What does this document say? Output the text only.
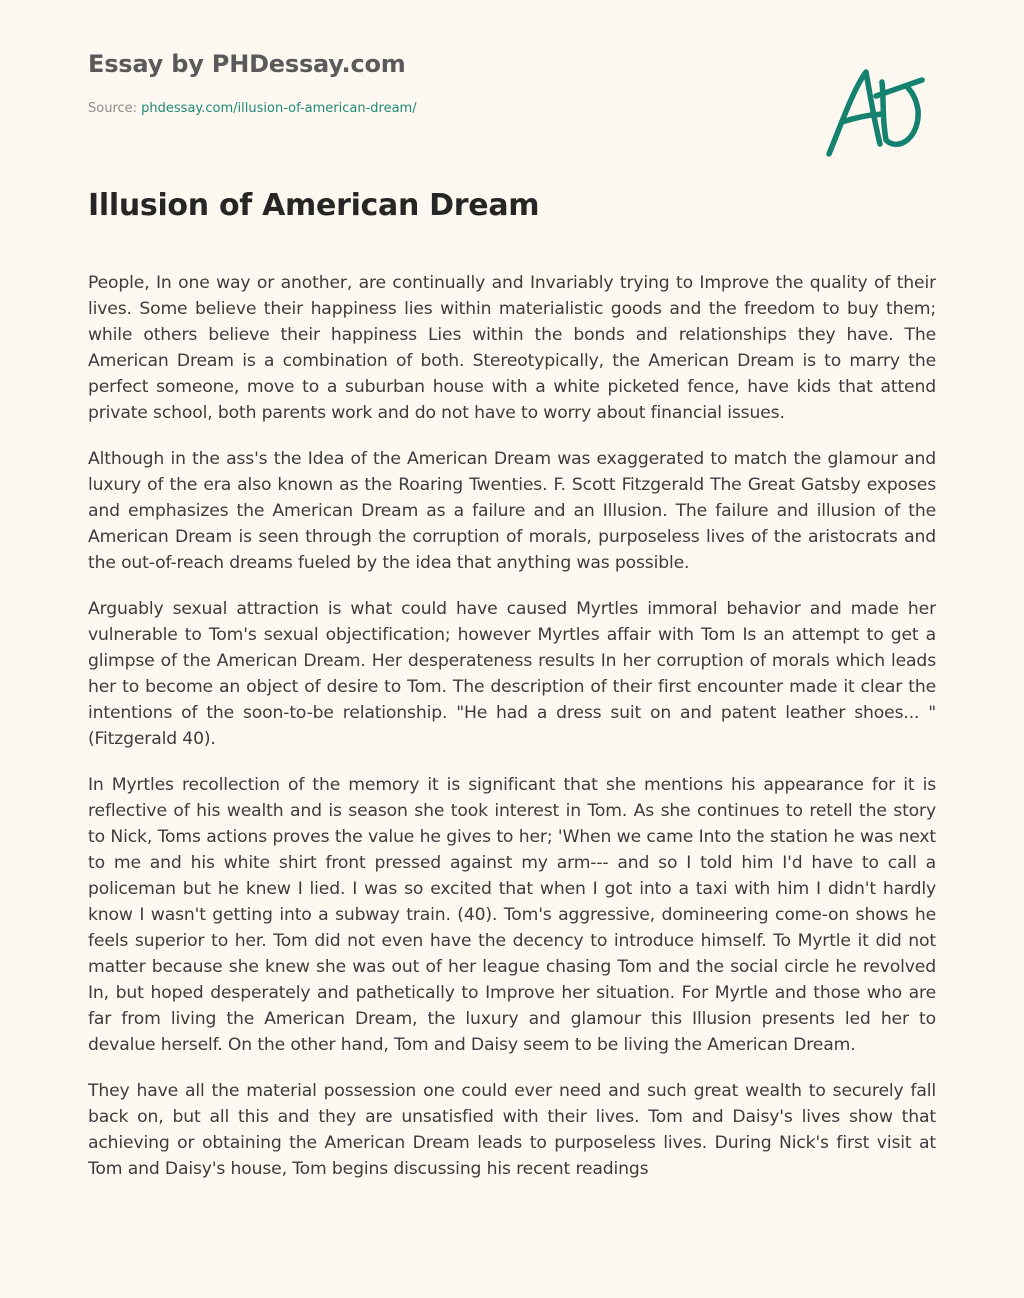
Essay by PHDessay.com
Source: phdessay.com/illusion-of-american-dream/
Illusion of American Dream

People, In one way or another, are continually and Invariably trying to Improve the quality of their lives. Some believe their happiness lies within materialistic goods and the freedom to buy them; while others believe their happiness Lies within the bonds and relationships they have. The American Dream is a combination of both. Stereotypically, the American Dream is to marry the perfect someone, move to a suburban house with a white picketed fence, have kids that attend private school, both parents work and do not have to worry about financial issues.

Although in the ass's the Idea of the American Dream was exaggerated to match the glamour and luxury of the era also known as the Roaring Twenties. F. Scott Fitzgerald The Great Gatsby exposes and emphasizes the American Dream as a failure and an Illusion. The failure and illusion of the American Dream is seen through the corruption of morals, purposeless lives of the aristocrats and the out-of-reach dreams fueled by the idea that anything was possible.

Arguably sexual attraction is what could have caused Myrtles immoral behavior and made her vulnerable to Tom's sexual objectification; however Myrtles affair with Tom Is an attempt to get a glimpse of the American Dream. Her desperateness results In her corruption of morals which leads her to become an object of desire to Tom. The description of their first encounter made it clear the intentions of the soon-to-be relationship. "He had a dress suit on and patent leather shoes... " (Fitzgerald 40).

In Myrtles recollection of the memory it is significant that she mentions his appearance for it is reflective of his wealth and is season she took interest in Tom. As she continues to retell the story to Nick, Toms actions proves the value he gives to her; 'When we came Into the station he was next to me and his white shirt front pressed against my arm--- and so I told him I'd have to call a policeman but he knew I lied. I was so excited that when I got into a taxi with him I didn't hardly know I wasn't getting into a subway train. (40). Tom's aggressive, domineering come-on shows he feels superior to her. Tom did not even have the decency to introduce himself. To Myrtle it did not matter because she knew she was out of her league chasing Tom and the social circle he revolved In, but hoped desperately and pathetically to Improve her situation. For Myrtle and those who are far from living the American Dream, the luxury and glamour this Illusion presents led her to devalue herself. On the other hand, Tom and Daisy seem to be living the American Dream.

They have all the material possession one could ever need and such great wealth to securely fall back on, but all this and they are unsatisfied with their lives. Tom and Daisy's lives show that achieving or obtaining the American Dream leads to purposeless lives. During Nick's first visit at Tom and Daisy's house, Tom begins discussing his recent readings
